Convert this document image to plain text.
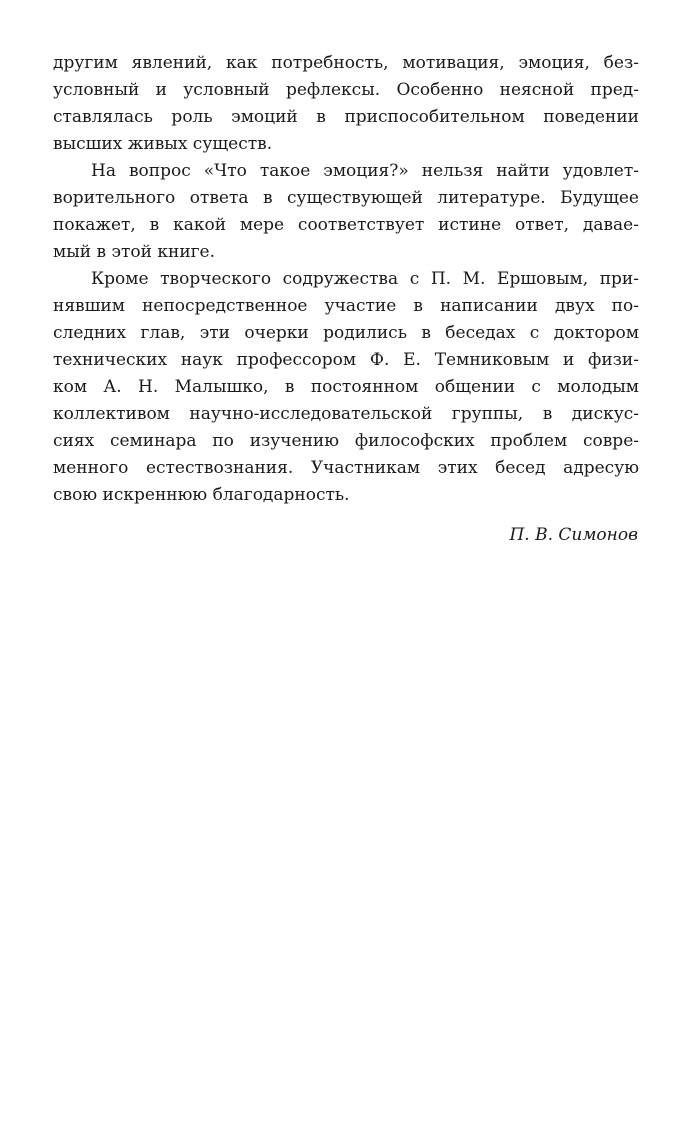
другим явлений, как потребность, мотивация, эмоция, без-
условный и условный рефлексы. Особенно неясной пред-
ставлялась роль эмоций в приспособительном поведении
высших живых существ.
На вопрос «Что такое эмоция?» нельзя найти удовлет-
ворительного ответа в существующей литературе. Будущее
покажет, в какой мере соответствует истине ответ, давае-
мый в этой книге.
Кроме творческого содружества с П. М. Ершовым, при-
нявшим непосредственное участие в написании двух по-
следних глав, эти очерки родились в беседах с доктором
технических наук профессором Ф. Е. Темниковым и физи-
ком А. Н. Малышко, в постоянном общении с молодым
коллективом научно-исследовательской группы, в дискус-
сиях семинара по изучению философских проблем совре-
менного естествознания. Участникам этих бесед адресую
свою искреннюю благодарность.
П. В. Симонов
